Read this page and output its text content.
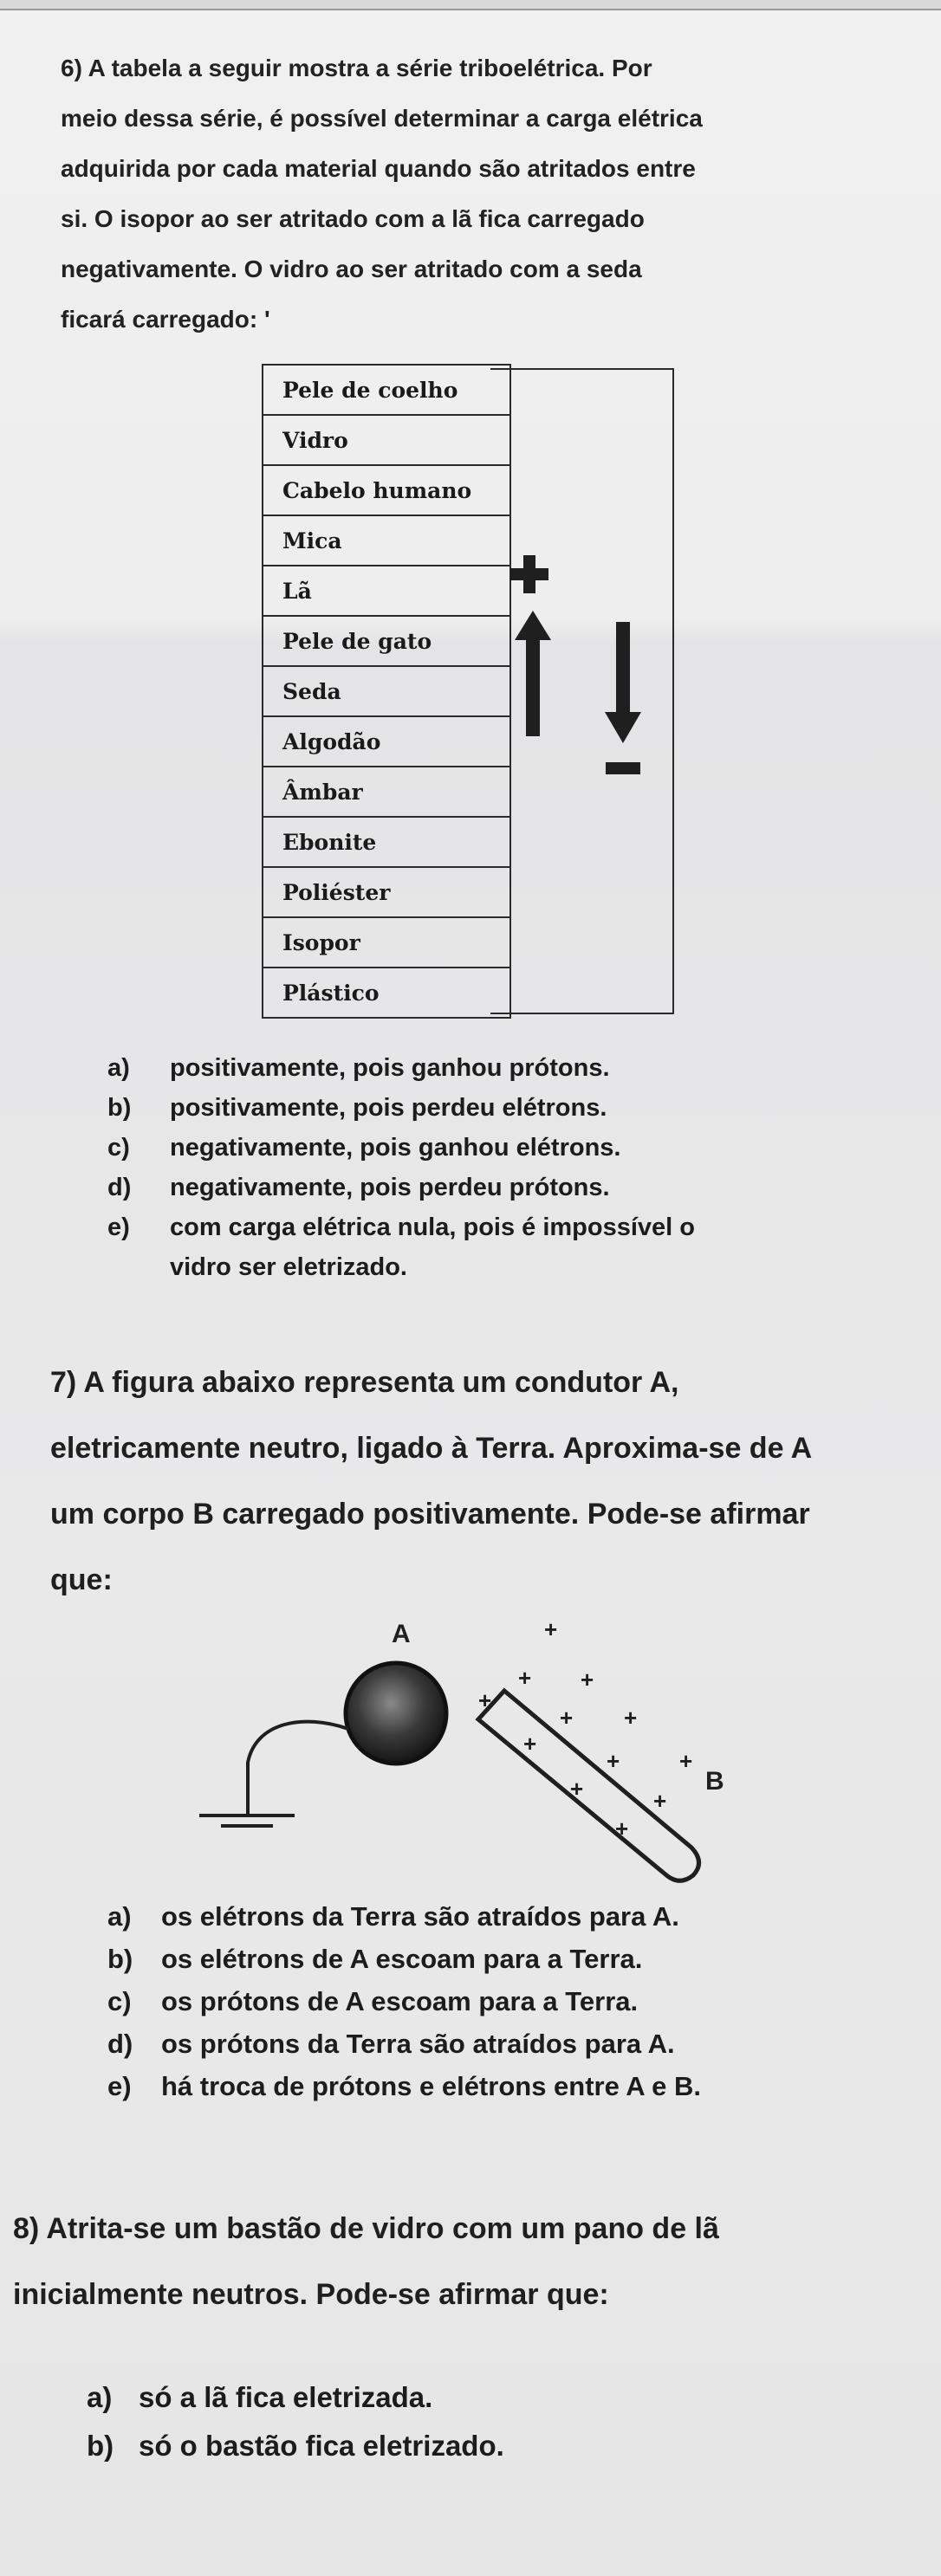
6) A tabela a seguir mostra a série triboelétrica. Por
meio dessa série, é possível determinar a carga elétrica
adquirida por cada material quando são atritados entre
si. O isopor ao ser atritado com a lã fica carregado
negativamente. O vidro ao ser atritado com a seda
ficará carregado: '
Pele de coelho
Vidro
Cabelo humano
Mica
Lã
Pele de gato
Seda
Algodão
Âmbar
Ebonite
Poliéster
Isopor
Plástico
a)	positivamente, pois ganhou prótons.
b)	positivamente, pois perdeu elétrons.
c)	negativamente, pois ganhou elétrons.
d)	negativamente, pois perdeu prótons.
e)	com carga elétrica nula, pois é impossível o
vidro ser eletrizado.
7) A figura abaixo representa um condutor A,
eletricamente neutro, ligado à Terra. Aproxima-se de A
um corpo B carregado positivamente. Pode-se afirmar
que:
+
+ +
+
+ +
+
+	+
+	+
+
A
B
a)	os elétrons da Terra são atraídos para A.
b)	os elétrons de A escoam para a Terra.
c)	os prótons de A escoam para a Terra.
d)	os prótons da Terra são atraídos para A.
e)	há troca de prótons e elétrons entre A e B.
8) Atrita-se um bastão de vidro com um pano de lã
inicialmente neutros. Pode-se afirmar que:
a) só a lã fica eletrizada.
b) só o bastão fica eletrizado.
